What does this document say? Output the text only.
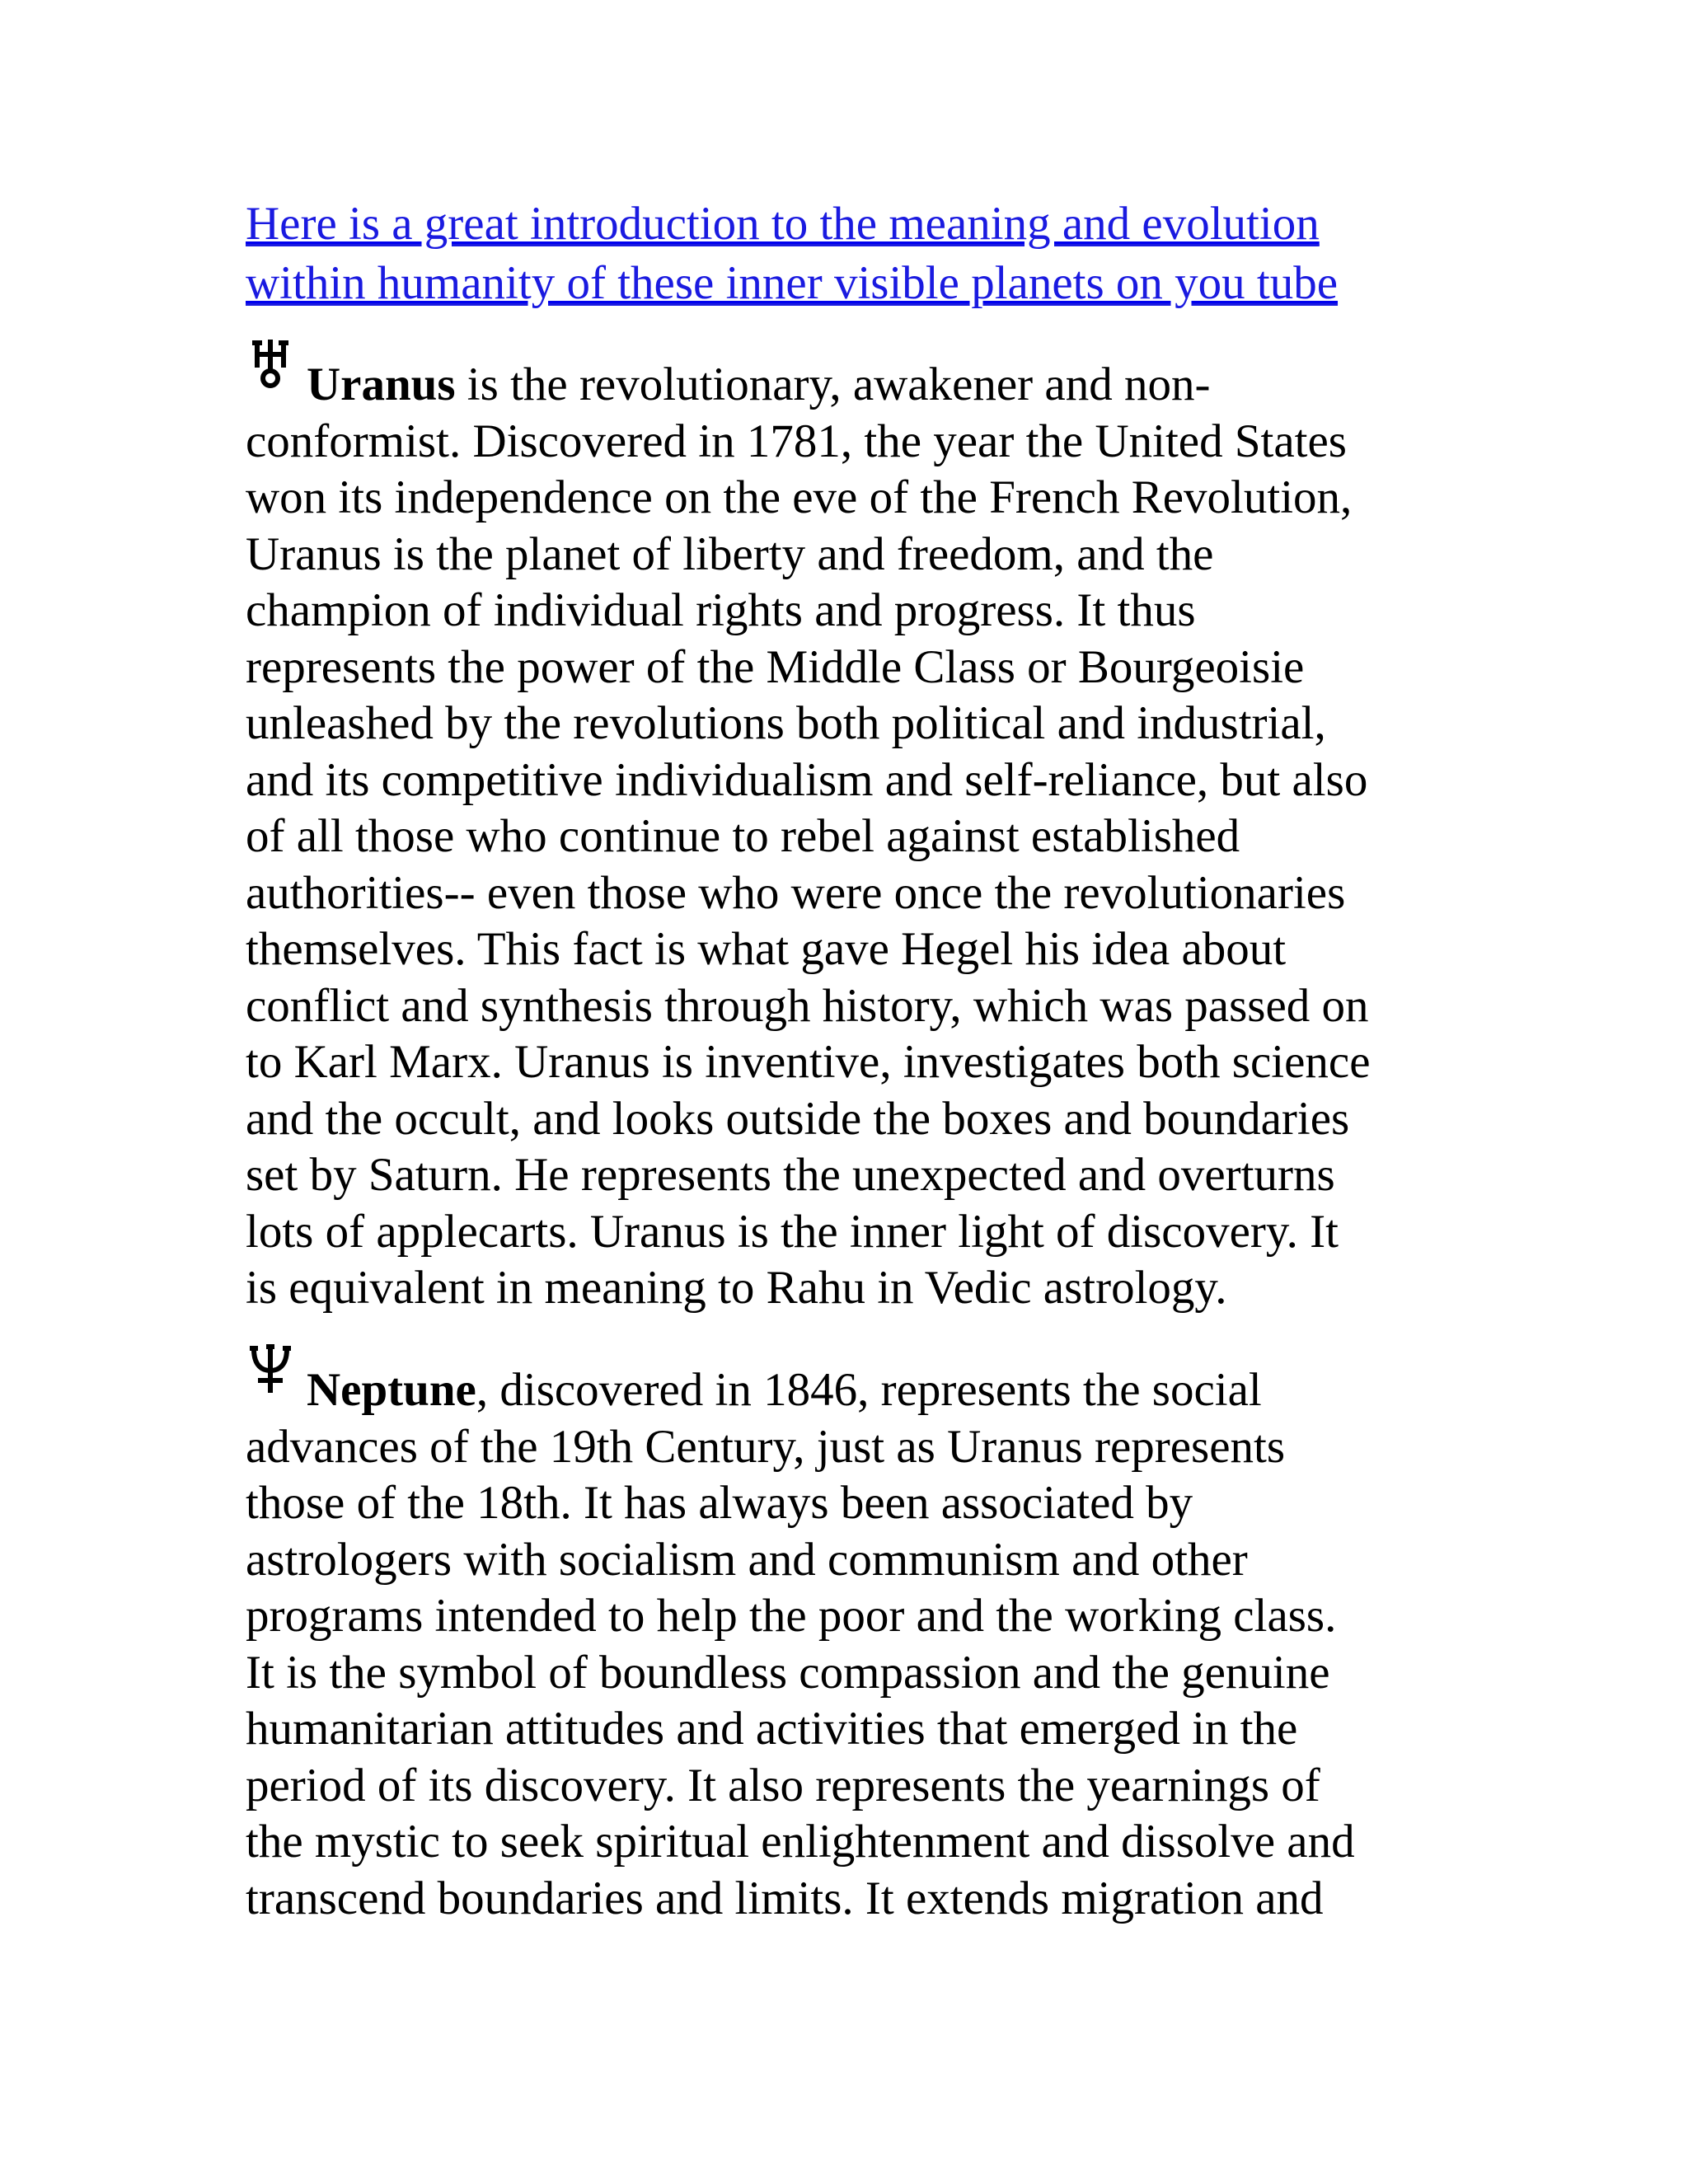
Here is a great introduction to the meaning and evolution
within humanity of these inner visible planets on you tube
Uranus is the revolutionary, awakener and non-
conformist. Discovered in 1781, the year the United States
won its independence on the eve of the French Revolution,
Uranus is the planet of liberty and freedom, and the
champion of individual rights and progress. It thus
represents the power of the Middle Class or Bourgeoisie
unleashed by the revolutions both political and industrial,
and its competitive individualism and self-reliance, but also
of all those who continue to rebel against established
authorities-- even those who were once the revolutionaries
themselves. This fact is what gave Hegel his idea about
conflict and synthesis through history, which was passed on
to Karl Marx. Uranus is inventive, investigates both science
and the occult, and looks outside the boxes and boundaries
set by Saturn. He represents the unexpected and overturns
lots of applecarts. Uranus is the inner light of discovery. It
is equivalent in meaning to Rahu in Vedic astrology.
Neptune, discovered in 1846, represents the social
advances of the 19th Century, just as Uranus represents
those of the 18th. It has always been associated by
astrologers with socialism and communism and other
programs intended to help the poor and the working class.
It is the symbol of boundless compassion and the genuine
humanitarian attitudes and activities that emerged in the
period of its discovery. It also represents the yearnings of
the mystic to seek spiritual enlightenment and dissolve and
transcend boundaries and limits. It extends migration and
